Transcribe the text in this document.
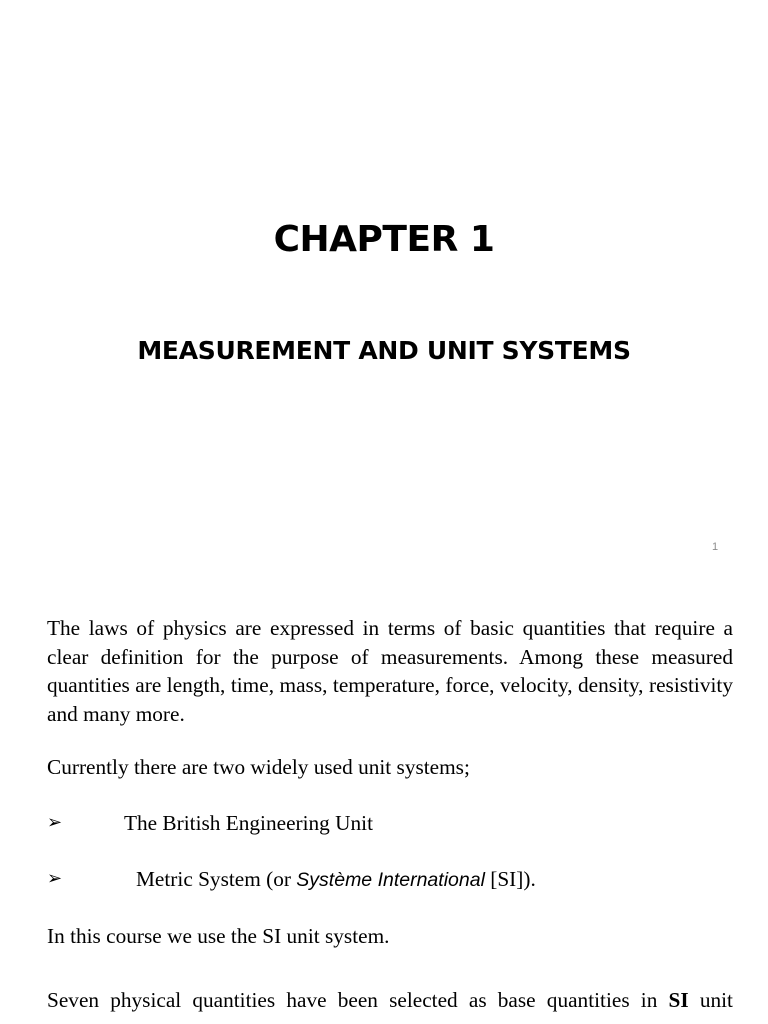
CHAPTER 1
MEASUREMENT AND UNIT SYSTEMS
1
The laws of physics are expressed in terms of basic quantities that require a clear definition for the purpose of measurements. Among these measured quantities are length, time, mass, temperature, force, velocity, density, resistivity and many more.
Currently there are two widely used unit systems;
➢	The British Engineering Unit
➢	Metric System (or Système International [SI]).
In this course we use the SI unit system.
Seven physical quantities have been selected as base quantities in SI unit
